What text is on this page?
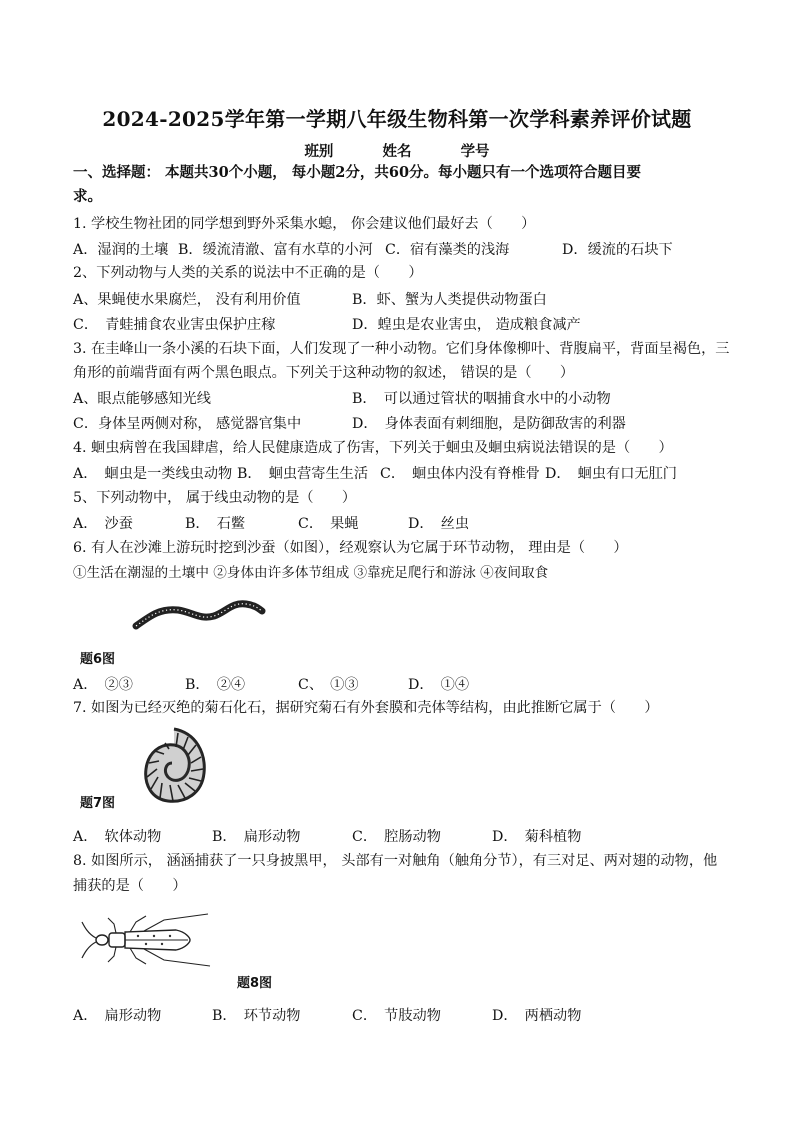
2024-2025学年第一学期八年级生物科第一次学科素养评价试题
班别	姓名	学号
一、选择题： 本题共30个小题， 每小题2分，共60分。每小题只有一个选项符合题目要
求。
1. 学校生物社团的同学想到野外采集水螅， 你会建议他们最好去（　　）
A．湿润的土壤 B．缓流清澈、富有水草的小河 C．宿有藻类的浅海	D．缓流的石块下
2、下列动物与人类的关系的说法中不正确的是（　　）
A、果蝇使水果腐烂， 没有利用价值	B．虾、蟹为人类提供动物蛋白
C．　青蛙捕食农业害虫保护庄稼	D．蝗虫是农业害虫， 造成粮食减产
3. 在圭峰山一条小溪的石块下面，人们发现了一种小动物。它们身体像柳叶、背腹扁平，背面呈褐色，三
角形的前端背面有两个黑色眼点。下列关于这种动物的叙述， 错误的是（　　）
A、眼点能够感知光线	B．　可以通过管状的咽捕食水中的小动物
C．身体呈两侧对称， 感觉器官集中	D．　身体表面有刺细胞，是防御敌害的利器
4. 蛔虫病曾在我国肆虐，给人民健康造成了伤害，下列关于蛔虫及蛔虫病说法错误的是（　　）
A．　蛔虫是一类线虫动物 B．　蛔虫营寄生生活 C．　蛔虫体内没有脊椎骨 D．　蛔虫有口无肛门
5、下列动物中， 属于线虫动物的是（　　）
A．　沙蚕	B．　石鳖	C．　果蝇	D．　丝虫
6. 有人在沙滩上游玩时挖到沙蚕（如图），经观察认为它属于环节动物， 理由是（　　）
①生活在潮湿的土壤中 ②身体由许多体节组成 ③靠疣足爬行和游泳 ④夜间取食
题6图
A．　②③	B．　②④	C、　①③	D．　①④
7. 如图为已经灭绝的菊石化石，据研究菊石有外套膜和壳体等结构，由此推断它属于（　　）
题7图
A．　软体动物	B．　扁形动物	C．　腔肠动物	D．　菊科植物
8. 如图所示， 涵涵捕获了一只身披黑甲， 头部有一对触角（触角分节），有三对足、两对翅的动物，他
捕获的是（　　）
题8图
A．　扁形动物	B．　环节动物	C．　节肢动物	D．　两栖动物
